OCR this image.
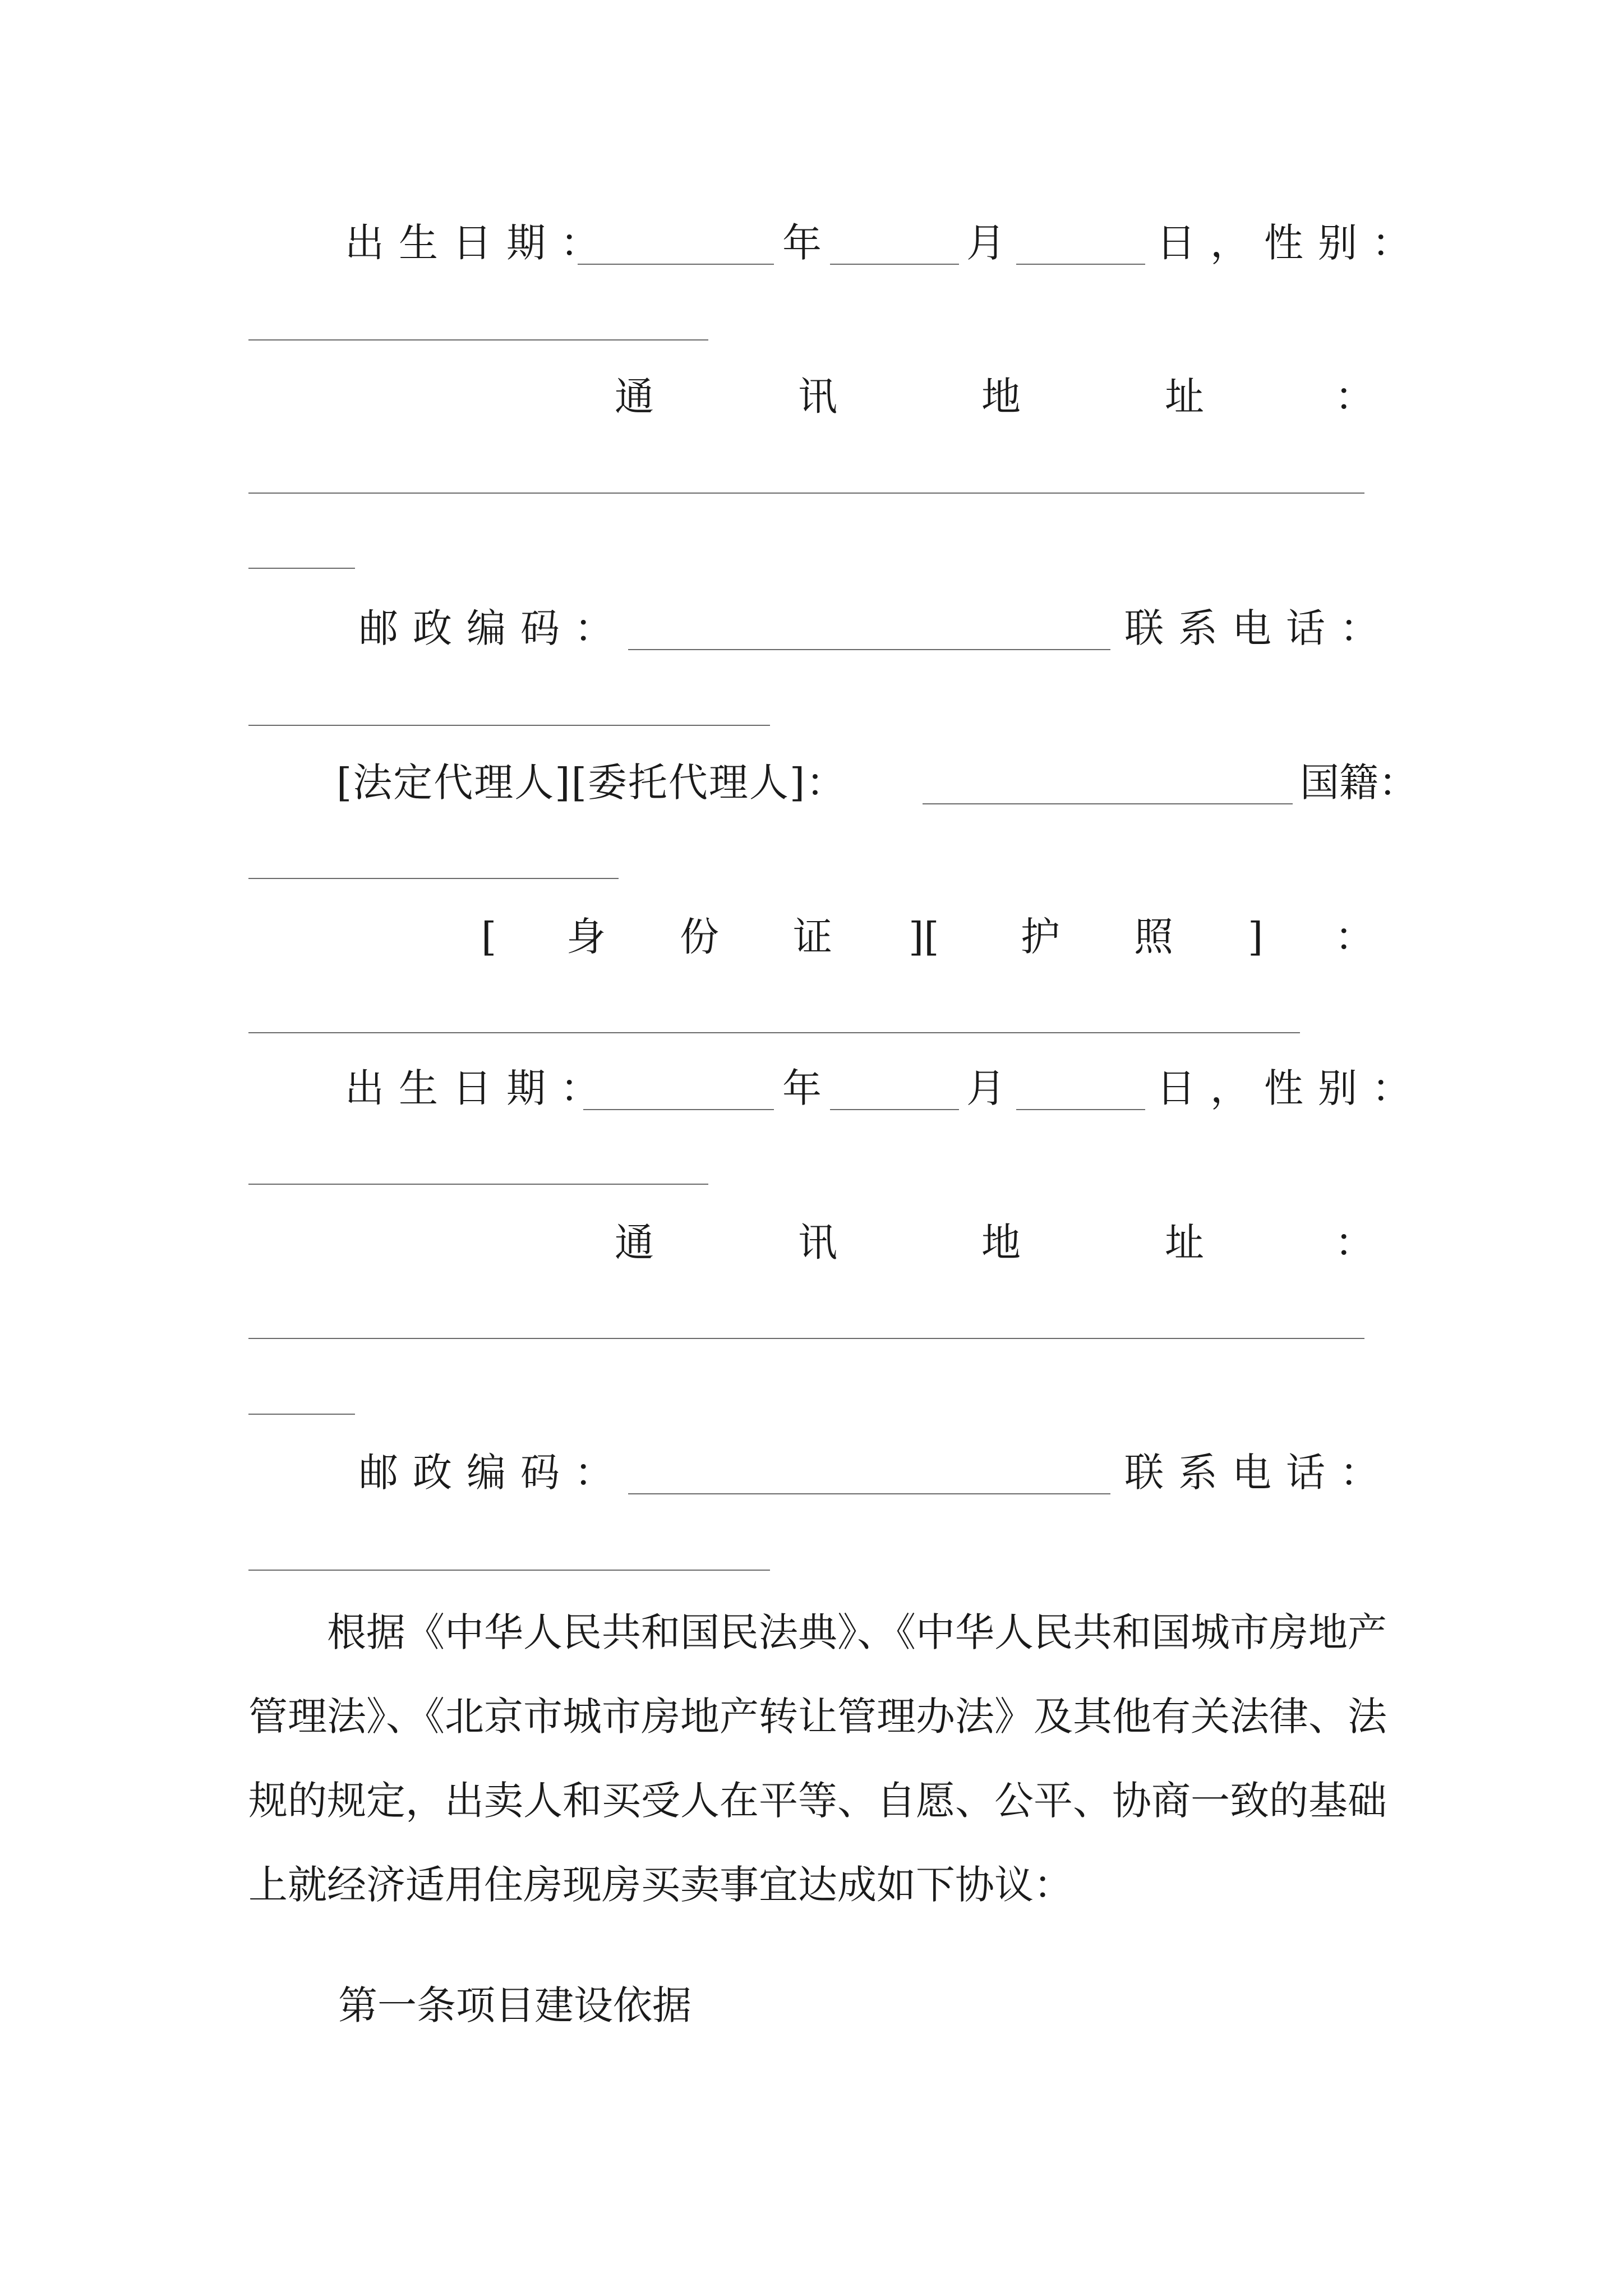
出生日期：	年	月	日，性别：
通	讯	地	址	：
邮政编码：	联系电话：
[法定代理人][委托代理人]：	国籍：
[ 身 份 证 ][ 护 照 ] ：
出生日期：	年	月	日，性别：
通	讯	地	址	：
邮政编码：	联系电话：
　　根据《中华人民共和国民法典》、《中华人民共和国城市房地产管理法》、《北京市城市房地产转让管理办法》及其他有关法律、法规的规定，出卖人和买受人在平等、自愿、公平、协商一致的基础上就经济适用住房现房买卖事宜达成如下协议：
第一条项目建设依据
